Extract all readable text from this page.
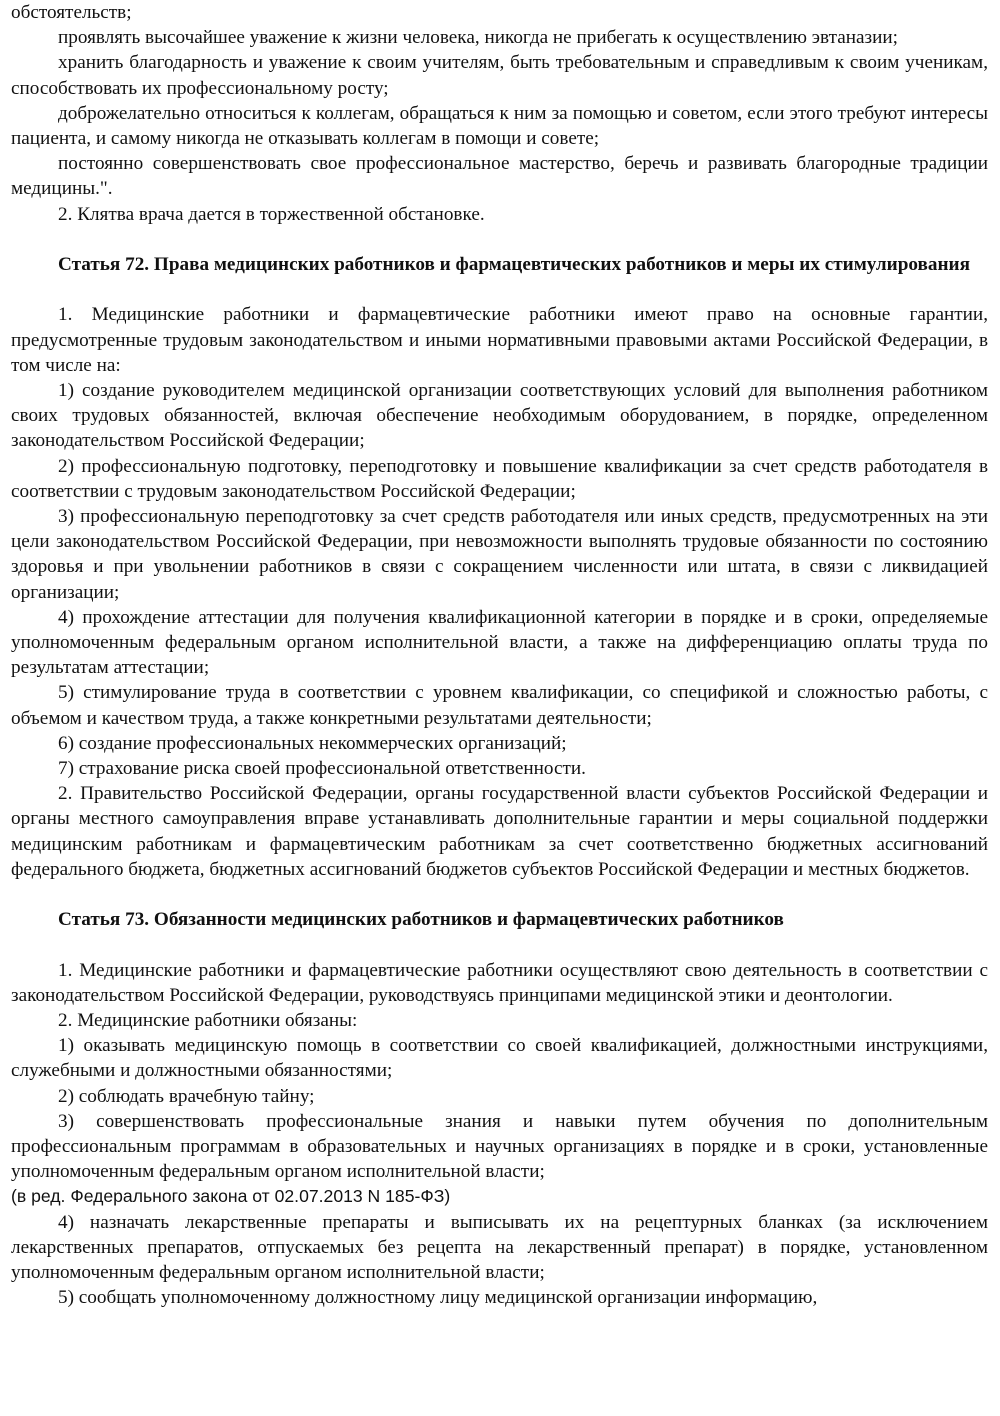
обстоятельств;

проявлять высочайшее уважение к жизни человека, никогда не прибегать к осуществлению эвтаназии;

хранить благодарность и уважение к своим учителям, быть требовательным и справедливым к своим ученикам, способствовать их профессиональному росту;

доброжелательно относиться к коллегам, обращаться к ним за помощью и советом, если этого требуют интересы пациента, и самому никогда не отказывать коллегам в помощи и совете;

постоянно совершенствовать свое профессиональное мастерство, беречь и развивать благородные традиции медицины.".

2. Клятва врача дается в торжественной обстановке.

Статья 72. Права медицинских работников и фармацевтических работников и меры их стимулирования

1. Медицинские работники и фармацевтические работники имеют право на основные гарантии, предусмотренные трудовым законодательством и иными нормативными правовыми актами Российской Федерации, в том числе на:

1) создание руководителем медицинской организации соответствующих условий для выполнения работником своих трудовых обязанностей, включая обеспечение необходимым оборудованием, в порядке, определенном законодательством Российской Федерации;

2) профессиональную подготовку, переподготовку и повышение квалификации за счет средств работодателя в соответствии с трудовым законодательством Российской Федерации;

3) профессиональную переподготовку за счет средств работодателя или иных средств, предусмотренных на эти цели законодательством Российской Федерации, при невозможности выполнять трудовые обязанности по состоянию здоровья и при увольнении работников в связи с сокращением численности или штата, в связи с ликвидацией организации;

4) прохождение аттестации для получения квалификационной категории в порядке и в сроки, определяемые уполномоченным федеральным органом исполнительной власти, а также на дифференциацию оплаты труда по результатам аттестации;

5) стимулирование труда в соответствии с уровнем квалификации, со спецификой и сложностью работы, с объемом и качеством труда, а также конкретными результатами деятельности;

6) создание профессиональных некоммерческих организаций;

7) страхование риска своей профессиональной ответственности.

2. Правительство Российской Федерации, органы государственной власти субъектов Российской Федерации и органы местного самоуправления вправе устанавливать дополнительные гарантии и меры социальной поддержки медицинским работникам и фармацевтическим работникам за счет соответственно бюджетных ассигнований федерального бюджета, бюджетных ассигнований бюджетов субъектов Российской Федерации и местных бюджетов.

Статья 73. Обязанности медицинских работников и фармацевтических работников

1. Медицинские работники и фармацевтические работники осуществляют свою деятельность в соответствии с законодательством Российской Федерации, руководствуясь принципами медицинской этики и деонтологии.

2. Медицинские работники обязаны:

1) оказывать медицинскую помощь в соответствии со своей квалификацией, должностными инструкциями, служебными и должностными обязанностями;

2) соблюдать врачебную тайну;

3) совершенствовать профессиональные знания и навыки путем обучения по дополнительным профессиональным программам в образовательных и научных организациях в порядке и в сроки, установленные уполномоченным федеральным органом исполнительной власти;

(в ред. Федерального закона от 02.07.2013 N 185-ФЗ)

4) назначать лекарственные препараты и выписывать их на рецептурных бланках (за исключением лекарственных препаратов, отпускаемых без рецепта на лекарственный препарат) в порядке, установленном уполномоченным федеральным органом исполнительной власти;

5) сообщать уполномоченному должностному лицу медицинской организации информацию,
